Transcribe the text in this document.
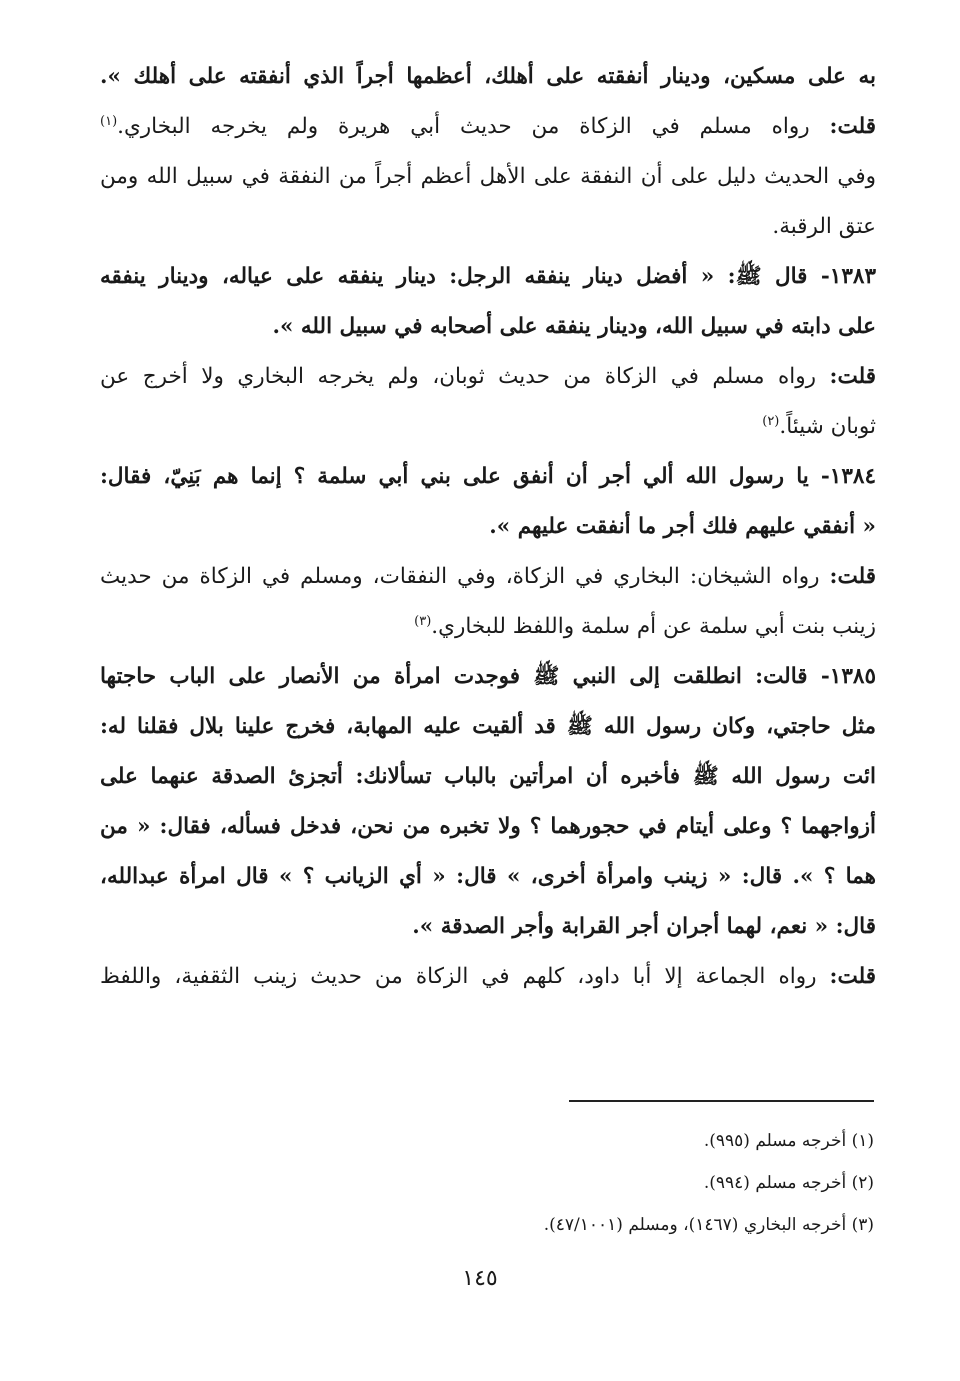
به على مسكين، ودينار أنفقته على أهلك، أعظمها أجراً الذي أنفقته على أهلك ».
قلت: رواه مسلم في الزكاة من حديث أبي هريرة ولم يخرجه البخاري.$^{(١)}$
وفي الحديث دليل على أن النفقة على الأهل أعظم أجراً من النفقة في سبيل الله ومن
عتق الرقبة.
١٣٨٣- قال ﷺ: « أفضل دينار ينفقه الرجل: دينار ينفقه على عياله، ودينار ينفقه
على دابته في سبيل الله، ودينار ينفقه على أصحابه في سبيل الله ».
قلت: رواه مسلم في الزكاة من حديث ثوبان، ولم يخرجه البخاري ولا أخرج عن
ثوبان شيئاً.$^{(٢)}$
١٣٨٤- يا رسول الله ألي أجر أن أنفق على بني أبي سلمة ؟ إنما هم بَنِيّ، فقال:
« أنفقي عليهم فلك أجر ما أنفقت عليهم ».
قلت: رواه الشيخان: البخاري في الزكاة، وفي النفقات، ومسلم في الزكاة من حديث
زينب بنت أبي سلمة عن أم سلمة واللفظ للبخاري.$^{(٣)}$
١٣٨٥- قالت: انطلقت إلى النبي ﷺ فوجدت امرأة من الأنصار على الباب حاجتها
مثل حاجتي، وكان رسول الله ﷺ قد ألقيت عليه المهابة، فخرج علينا بلال فقلنا له:
ائت رسول الله ﷺ فأخبره أن امرأتين بالباب تسألانك: أتجزئ الصدقة عنهما على
أزواجهما ؟ وعلى أيتام في حجورهما ؟ ولا تخبره من نحن، فدخل فسأله، فقال: « من
هما ؟ ». قال: « زينب وامرأة أخرى، » قال: « أي الزيانب ؟ » قال امرأة عبدالله،
قال: « نعم، لهما أجران أجر القرابة وأجر الصدقة ».
قلت: رواه الجماعة إلا أبا داود، كلهم في الزكاة من حديث زينب الثقفية، واللفظ
(١) أخرجه مسلم (٩٩٥).
(٢) أخرجه مسلم (٩٩٤).
(٣) أخرجه البخاري (١٤٦٧)، ومسلم (٤٧/١٠٠١).
١٤٥
